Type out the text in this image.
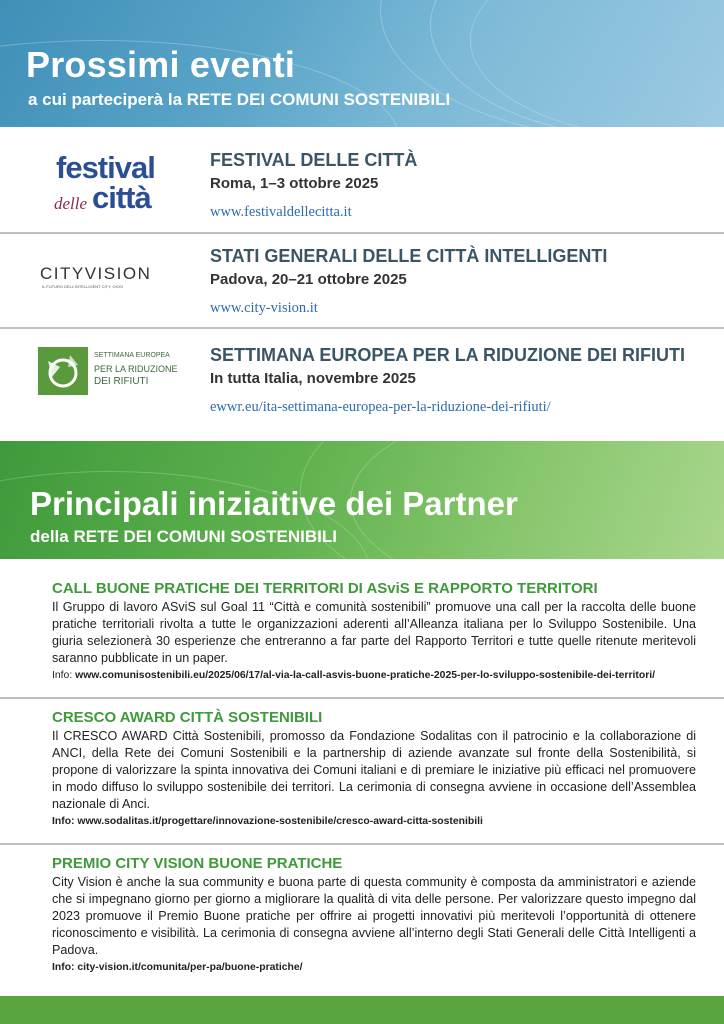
Prossimi eventi
a cui parteciperà la RETE DEI COMUNI SOSTENIBILI
festival
delle città
FESTIVAL DELLE CITTÀ
Roma, 1–3 ottobre 2025
www.festivaldellecitta.it
CITYVISION
IL FUTURO DELL'INTELLIGENT CITY, OGGI
STATI GENERALI DELLE CITTÀ INTELLIGENTI
Padova, 20–21 ottobre 2025
www.city-vision.it
SETTIMANA EUROPEA
PER LA RIDUZIONE
DEI RIFIUTI
SETTIMANA EUROPEA PER LA RIDUZIONE DEI RIFIUTI
In tutta Italia, novembre 2025
ewwr.eu/ita-settimana-europea-per-la-riduzione-dei-rifiuti/
Principali iniziaitive dei Partner
della RETE DEI COMUNI SOSTENIBILI
CALL BUONE PRATICHE DEI TERRITORI DI ASviS E RAPPORTO TERRITORI
Il Gruppo di lavoro ASviS sul Goal 11 “Città e comunità sostenibili” promuove una call per la raccolta delle buone pratiche territoriali rivolta a tutte le organizzazioni aderenti all’Alleanza italiana per lo Sviluppo Sostenibile. Una giuria selezionerà 30 esperienze che entreranno a far parte del Rapporto Territori e tutte quelle ritenute meritevoli saranno pubblicate in un paper.
Info: www.comunisostenibili.eu/2025/06/17/al-via-la-call-asvis-buone-pratiche-2025-per-lo-sviluppo-sostenibile-dei-territori/
CRESCO AWARD CITTÀ SOSTENIBILI
Il CRESCO AWARD Città Sostenibili, promosso da Fondazione Sodalitas con il patrocinio e la collaborazione di ANCI, della Rete dei Comuni Sostenibili e la partnership di aziende avanzate sul fronte della Sostenibilità, si propone di valorizzare la spinta innovativa dei Comuni italiani e di premiare le iniziative più efficaci nel promuovere in modo diffuso lo sviluppo sostenibile dei territori. La cerimonia di consegna avviene in occasione dell’Assemblea nazionale di Anci.
Info: www.sodalitas.it/progettare/innovazione-sostenibile/cresco-award-citta-sostenibili
PREMIO CITY VISION BUONE PRATICHE
City Vision è anche la sua community e buona parte di questa community è composta da amministratori e aziende che si impegnano giorno per giorno a migliorare la qualità di vita delle persone. Per valorizzare questo impegno dal 2023 promuove il Premio Buone pratiche per offrire ai progetti innovativi più meritevoli l’opportunità di ottenere riconoscimento e visibilità. La cerimonia di consegna avviene all’interno degli Stati Generali delle Città Intelligenti a Padova.
Info: city-vision.it/comunita/per-pa/buone-pratiche/
